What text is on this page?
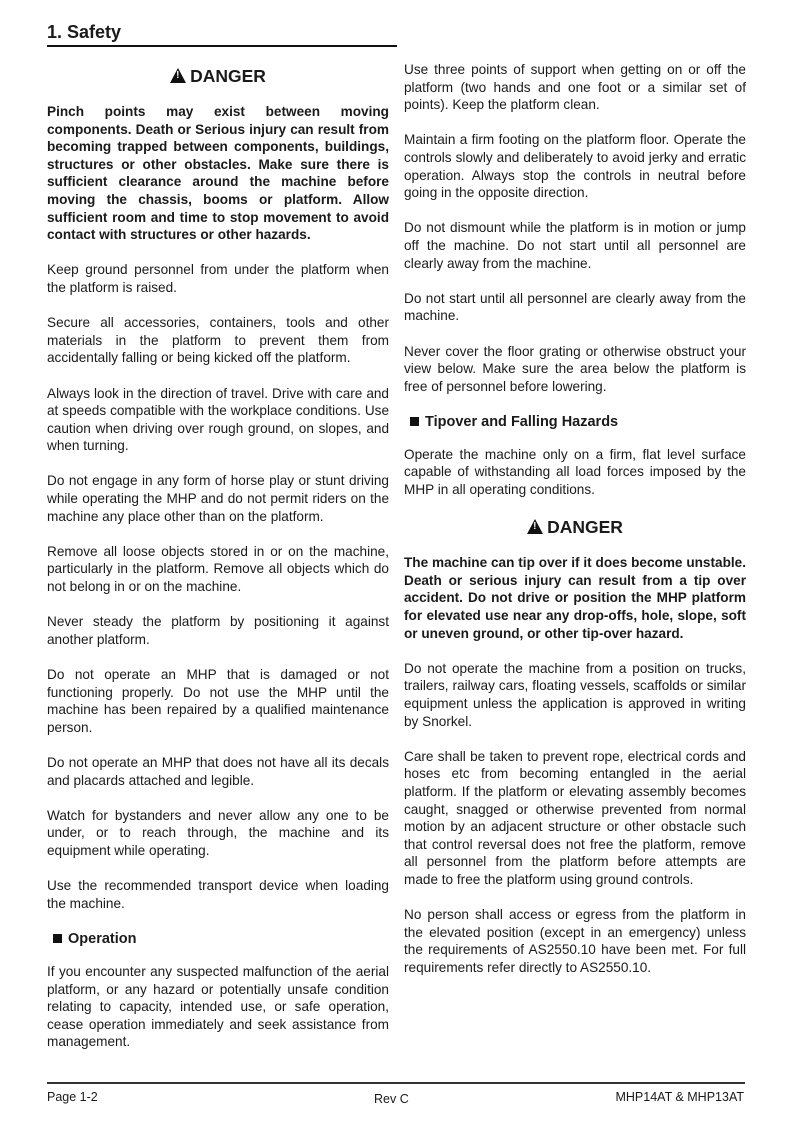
1. Safety
!DANGER

Pinch points may exist between moving components. Death or Serious injury can result from becoming trapped between components, buildings, structures or other obstacles. Make sure there is sufficient clearance around the machine before moving the chassis, booms or platform. Allow sufficient room and time to stop movement to avoid contact with structures or other hazards.

Keep ground personnel from under the platform when the platform is raised.

Secure all accessories, containers, tools and other materials in the platform to prevent them from accidentally falling or being kicked off the platform.

Always look in the direction of travel. Drive with care and at speeds compatible with the workplace conditions. Use caution when driving over rough ground, on slopes, and when turning.

Do not engage in any form of horse play or stunt driving while operating the MHP and do not permit riders on the machine any place other than on the platform.

Remove all loose objects stored in or on the machine, particularly in the platform. Remove all objects which do not belong in or on the machine.

Never steady the platform by positioning it against another platform.

Do not operate an MHP that is damaged or not functioning properly. Do not use the MHP until the machine has been repaired by a qualified maintenance person.

Do not operate an MHP that does not have all its decals and placards attached and legible.

Watch for bystanders and never allow any one to be under, or to reach through, the machine and its equipment while operating.

Use the recommended transport device when loading the machine.

Operation

If you encounter any suspected malfunction of the aerial platform, or any hazard or potentially unsafe condition relating to capacity, intended use, or safe operation, cease operation immediately and seek assistance from management.

Use three points of support when getting on or off the platform (two hands and one foot or a similar set of points). Keep the platform clean.

Maintain a firm footing on the platform floor. Operate the controls slowly and deliberately to avoid jerky and erratic operation. Always stop the controls in neutral before going in the opposite direction.

Do not dismount while the platform is in motion or jump off the machine. Do not start until all personnel are clearly away from the machine.

Do not start until all personnel are clearly away from the machine.

Never cover the floor grating or otherwise obstruct your view below. Make sure the area below the platform is free of personnel before lowering.

Tipover and Falling Hazards

Operate the machine only on a firm, flat level surface capable of withstanding all load forces imposed by the MHP in all operating conditions.

!DANGER

The machine can tip over if it does become unstable. Death or serious injury can result from a tip over accident. Do not drive or position the MHP platform for elevated use near any drop-offs, hole, slope, soft or uneven ground, or other tip-over hazard.

Do not operate the machine from a position on trucks, trailers, railway cars, floating vessels, scaffolds or similar equipment unless the application is approved in writing by Snorkel.

Care shall be taken to prevent rope, electrical cords and hoses etc from becoming entangled in the aerial platform. If the platform or elevating assembly becomes caught, snagged or otherwise prevented from normal motion by an adjacent structure or other obstacle such that control reversal does not free the platform, remove all personnel from the platform before attempts are made to free the platform using ground controls.

No person shall access or egress from the platform in the elevated position (except in an emergency) unless the requirements of AS2550.10 have been met. For full requirements refer directly to AS2550.10.

Page 1-2	Rev C	MHP14AT & MHP13AT
